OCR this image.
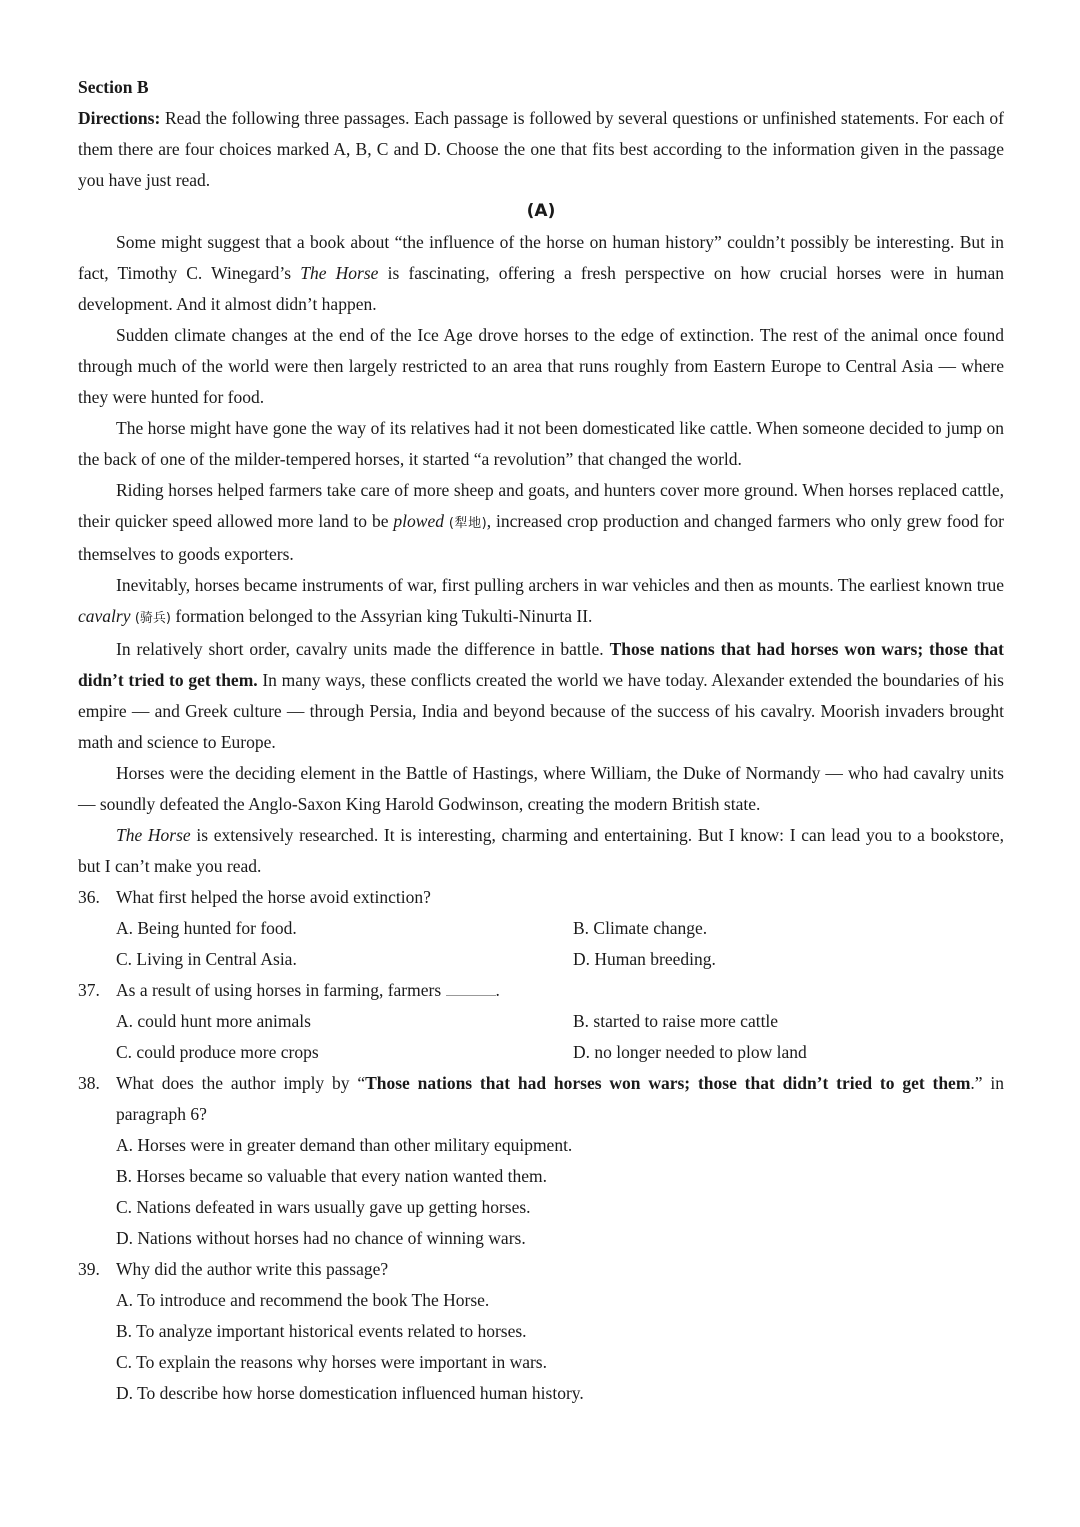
Section B
Directions: Read the following three passages. Each passage is followed by several questions or unfinished statements. For each of them there are four choices marked A, B, C and D. Choose the one that fits best according to the information given in the passage you have just read.
(A)
Some might suggest that a book about “the influence of the horse on human history” couldn’t possibly be interesting. But in fact, Timothy C. Winegard’s The Horse is fascinating, offering a fresh perspective on how crucial horses were in human development. And it almost didn’t happen.
Sudden climate changes at the end of the Ice Age drove horses to the edge of extinction. The rest of the animal once found through much of the world were then largely restricted to an area that runs roughly from Eastern Europe to Central Asia — where they were hunted for food.
The horse might have gone the way of its relatives had it not been domesticated like cattle. When someone decided to jump on the back of one of the milder-tempered horses, it started “a revolution” that changed the world.
Riding horses helped farmers take care of more sheep and goats, and hunters cover more ground. When horses replaced cattle, their quicker speed allowed more land to be plowed (犁地), increased crop production and changed farmers who only grew food for themselves to goods exporters.
Inevitably, horses became instruments of war, first pulling archers in war vehicles and then as mounts. The earliest known true cavalry (骑兵) formation belonged to the Assyrian king Tukulti-Ninurta II.
In relatively short order, cavalry units made the difference in battle. Those nations that had horses won wars; those that didn’t tried to get them. In many ways, these conflicts created the world we have today. Alexander extended the boundaries of his empire — and Greek culture — through Persia, India and beyond because of the success of his cavalry. Moorish invaders brought math and science to Europe.
Horses were the deciding element in the Battle of Hastings, where William, the Duke of Normandy — who had cavalry units — soundly defeated the Anglo-Saxon King Harold Godwinson, creating the modern British state.
The Horse is extensively researched. It is interesting, charming and entertaining. But I know: I can lead you to a bookstore, but I can’t make you read.
36. What first helped the horse avoid extinction?
A. Being hunted for food.	B. Climate change.
C. Living in Central Asia.	D. Human breeding.
37. As a result of using horses in farming, farmers	.
A. could hunt more animals	B. started to raise more cattle
C. could produce more crops	D. no longer needed to plow land
38. What does the author imply by “Those nations that had horses won wars; those that didn’t tried to get them.” in paragraph 6?
A. Horses were in greater demand than other military equipment.
B. Horses became so valuable that every nation wanted them.
C. Nations defeated in wars usually gave up getting horses.
D. Nations without horses had no chance of winning wars.
39. Why did the author write this passage?
A. To introduce and recommend the book The Horse.
B. To analyze important historical events related to horses.
C. To explain the reasons why horses were important in wars.
D. To describe how horse domestication influenced human history.
